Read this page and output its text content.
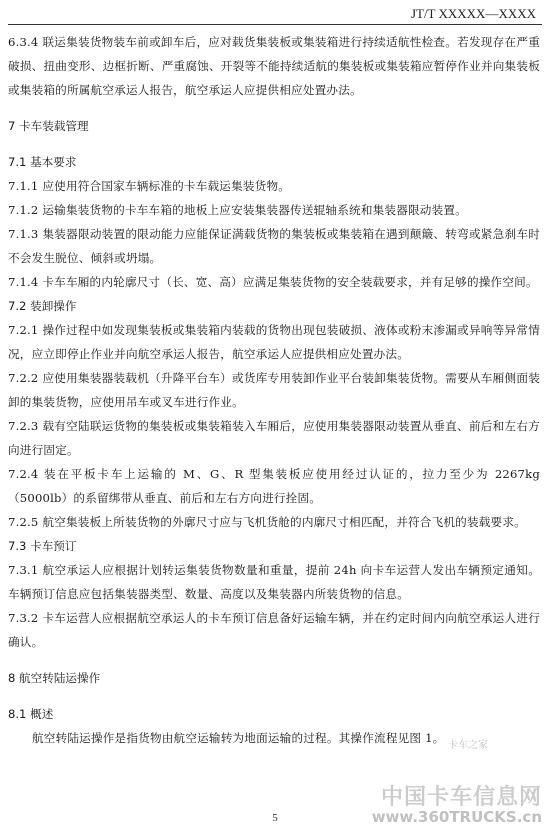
JT/T XXXXX—XXXX

6.3.4 联运集装货物装车前或卸车后，应对载货集装板或集装箱进行持续适航性检查。若发现存在严重破损、扭曲变形、边框折断、严重腐蚀、开裂等不能持续适航的集装板或集装箱应暂停作业并向集装板或集装箱的所属航空承运人报告，航空承运人应提供相应处置办法。

7 卡车装载管理

7.1 基本要求

7.1.1 应使用符合国家车辆标准的卡车载运集装货物。

7.1.2 运输集装货物的卡车车箱的地板上应安装集装器传送辊轴系统和集装器限动装置。

7.1.3 集装器限动装置的限动能力应能保证满载货物的集装板或集装箱在遇到颠簸、转弯或紧急刹车时不会发生脱位、倾斜或坍塌。

7.1.4 卡车车厢的内轮廓尺寸（长、宽、高）应满足集装货物的安全装载要求，并有足够的操作空间。

7.2 装卸操作

7.2.1 操作过程中如发现集装板或集装箱内装载的货物出现包装破损、液体或粉末渗漏或异响等异常情况，应立即停止作业并向航空承运人报告，航空承运人应提供相应处置办法。

7.2.2 应使用集装器装载机（升降平台车）或货库专用装卸作业平台装卸集装货物。需要从车厢侧面装卸的集装货物，应使用吊车或叉车进行作业。

7.2.3 载有空陆联运货物的集装板或集装箱装入车厢后，应使用集装器限动装置从垂直、前后和左右方向进行固定。

7.2.4 装在平板卡车上运输的 M、G、R 型集装板应使用经过认证的，拉力至少为 2267kg（5000lb）的系留绑带从垂直、前后和左右方向进行拴固。

7.2.5 航空集装板上所装货物的外廓尺寸应与飞机货舱的内廓尺寸相匹配，并符合飞机的装载要求。

7.3 卡车预订

7.3.1 航空承运人应根据计划转运集装货物数量和重量，提前 24h 向卡车运营人发出车辆预定通知。车辆预订信息应包括集装器类型、数量、高度以及集装器内所装货物的信息。

7.3.2 卡车运营人应根据航空承运人的卡车预订信息备好运输车辆，并在约定时间内向航空承运人进行确认。

8 航空转陆运操作

8.1 概述

航空转陆运操作是指货物由航空运输转为地面运输的过程。其操作流程见图 1。

卡车之家
中国卡车信息网
5	www.360TRUCKS.cn
